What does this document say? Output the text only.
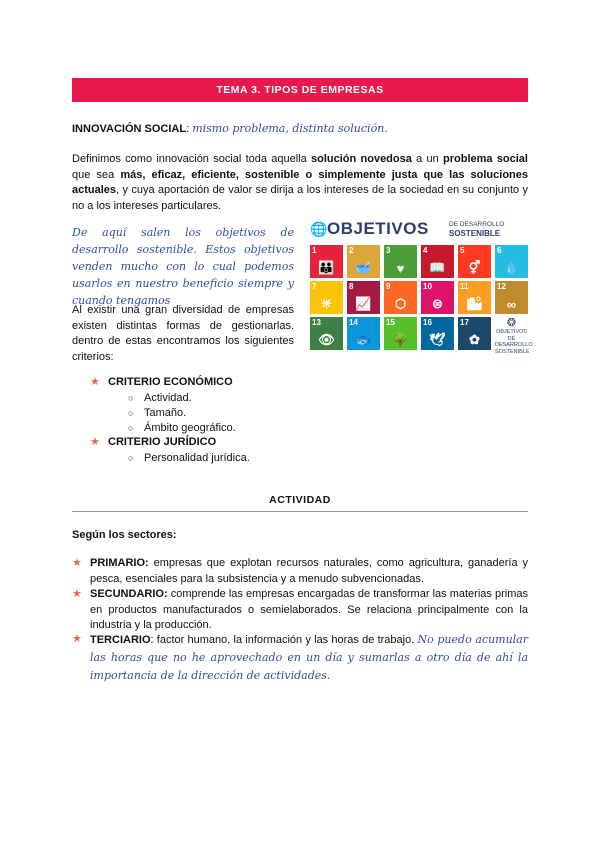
TEMA 3. TIPOS DE EMPRESAS
INNOVACIÓN SOCIAL: mismo problema, distinta solución.
Definimos como innovación social toda aquella solución novedosa a un problema social que sea más, eficaz, eficiente, sostenible o simplemente justa que las soluciones actuales, y cuya aportación de valor se dirija a los intereses de la sociedad en su conjunto y no a los intereses particulares.
De aquí salen los objetivos de desarrollo sostenible. Estos objetivos venden mucho con lo cual podemos usarlos en nuestro beneficio siempre y cuando tengamos
Al existir una gran diversidad de empresas existen distintas formas de gestionarlas. dentro de estas encontramos los siguientes criterios:
🌐 OBJETIVOS	DE DESARROLLO
SOSTENIBLE
1
👪
2
🥣
3
♥
4
📖
5
⚥
6
💧
7
☀
8
📈
9
⬡
10
⊜
11
🏙
12
∞
13
👁
14
🐟
15
🌳
16
🕊
17
✿
❂
OBJETIVOS
DE DESARROLLO
SOSTENIBLE
★ CRITERIO ECONÓMICO
○ Actividad.
○ Tamaño.
○ Ámbito geográfico.
★ CRITERIO JURÍDICO
○ Personalidad jurídica.
ACTIVIDAD
Según los sectores:
★ PRIMARIO: empresas que explotan recursos naturales, como agricultura, ganadería y pesca, esenciales para la subsistencia y a menudo subvencionadas.
★ SECUNDARIO: comprende las empresas encargadas de transformar las materias primas en productos manufacturados o semielaborados. Se relaciona principalmente con la industria y la producción.
★ TERCIARIO: factor humano, la información y las horas de trabajo. No puedo acumular las horas que no he aprovechado en un día y sumarlas a otro día de ahí la importancia de la dirección de actividades.
